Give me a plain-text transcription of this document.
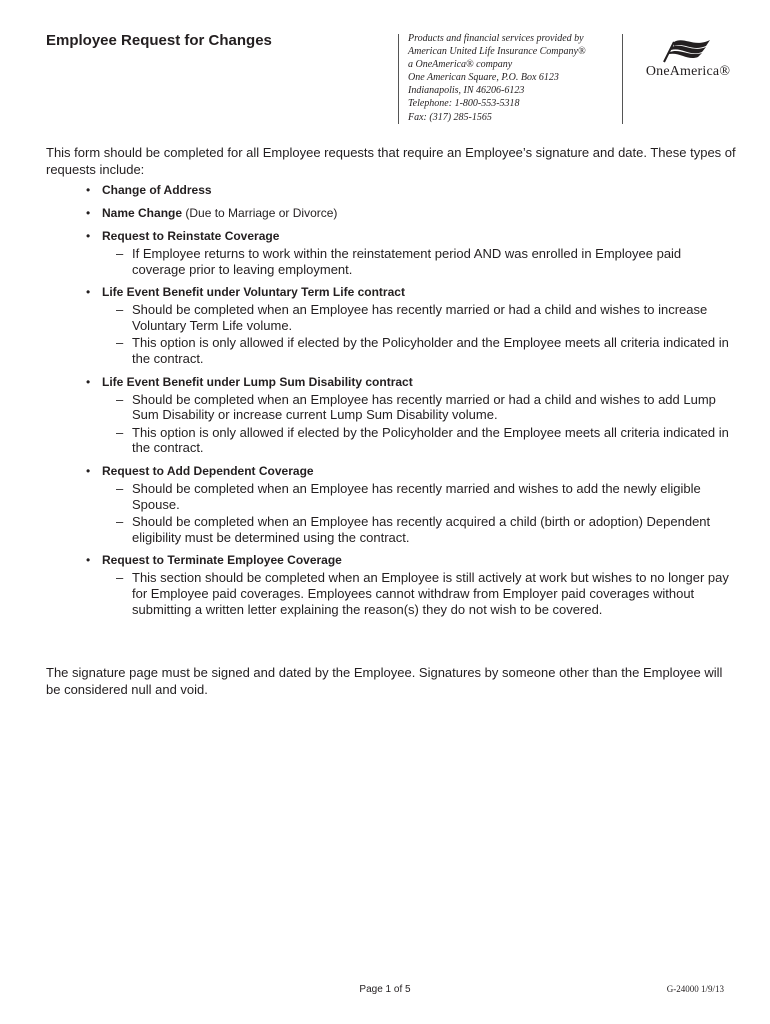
Employee Request for Changes	Products and financial services provided by
American United Life Insurance Company®
a OneAmerica® company
One American Square, P.O. Box 6123
Indianapolis, IN 46206-6123
Telephone: 1-800-553-5318
Fax: (317) 285-1565
OneAmerica®
This form should be completed for all Employee requests that require an Employee’s signature and date. These types of requests include:
• Change of Address
• Name Change (Due to Marriage or Divorce)
• Request to Reinstate Coverage
– If Employee returns to work within the reinstatement period AND was enrolled in Employee paid coverage prior to leaving employment.
• Life Event Benefit under Voluntary Term Life contract
– Should be completed when an Employee has recently married or had a child and wishes to increase Voluntary Term Life volume.
– This option is only allowed if elected by the Policyholder and the Employee meets all criteria indicated in the contract.
• Life Event Benefit under Lump Sum Disability contract
– Should be completed when an Employee has recently married or had a child and wishes to add Lump Sum Disability or increase current Lump Sum Disability volume.
– This option is only allowed if elected by the Policyholder and the Employee meets all criteria indicated in the contract.
• Request to Add Dependent Coverage
– Should be completed when an Employee has recently married and wishes to add the newly eligible Spouse.
– Should be completed when an Employee has recently acquired a child (birth or adoption) Dependent eligibility must be determined using the contract.
• Request to Terminate Employee Coverage
– This section should be completed when an Employee is still actively at work but wishes to no longer pay for Employee paid coverages. Employees cannot withdraw from Employer paid coverages without submitting a written letter explaining the reason(s) they do not wish to be covered.
The signature page must be signed and dated by the Employee. Signatures by someone other than the Employee will be considered null and void.
Page 1 of 5	G-24000 1/9/13
